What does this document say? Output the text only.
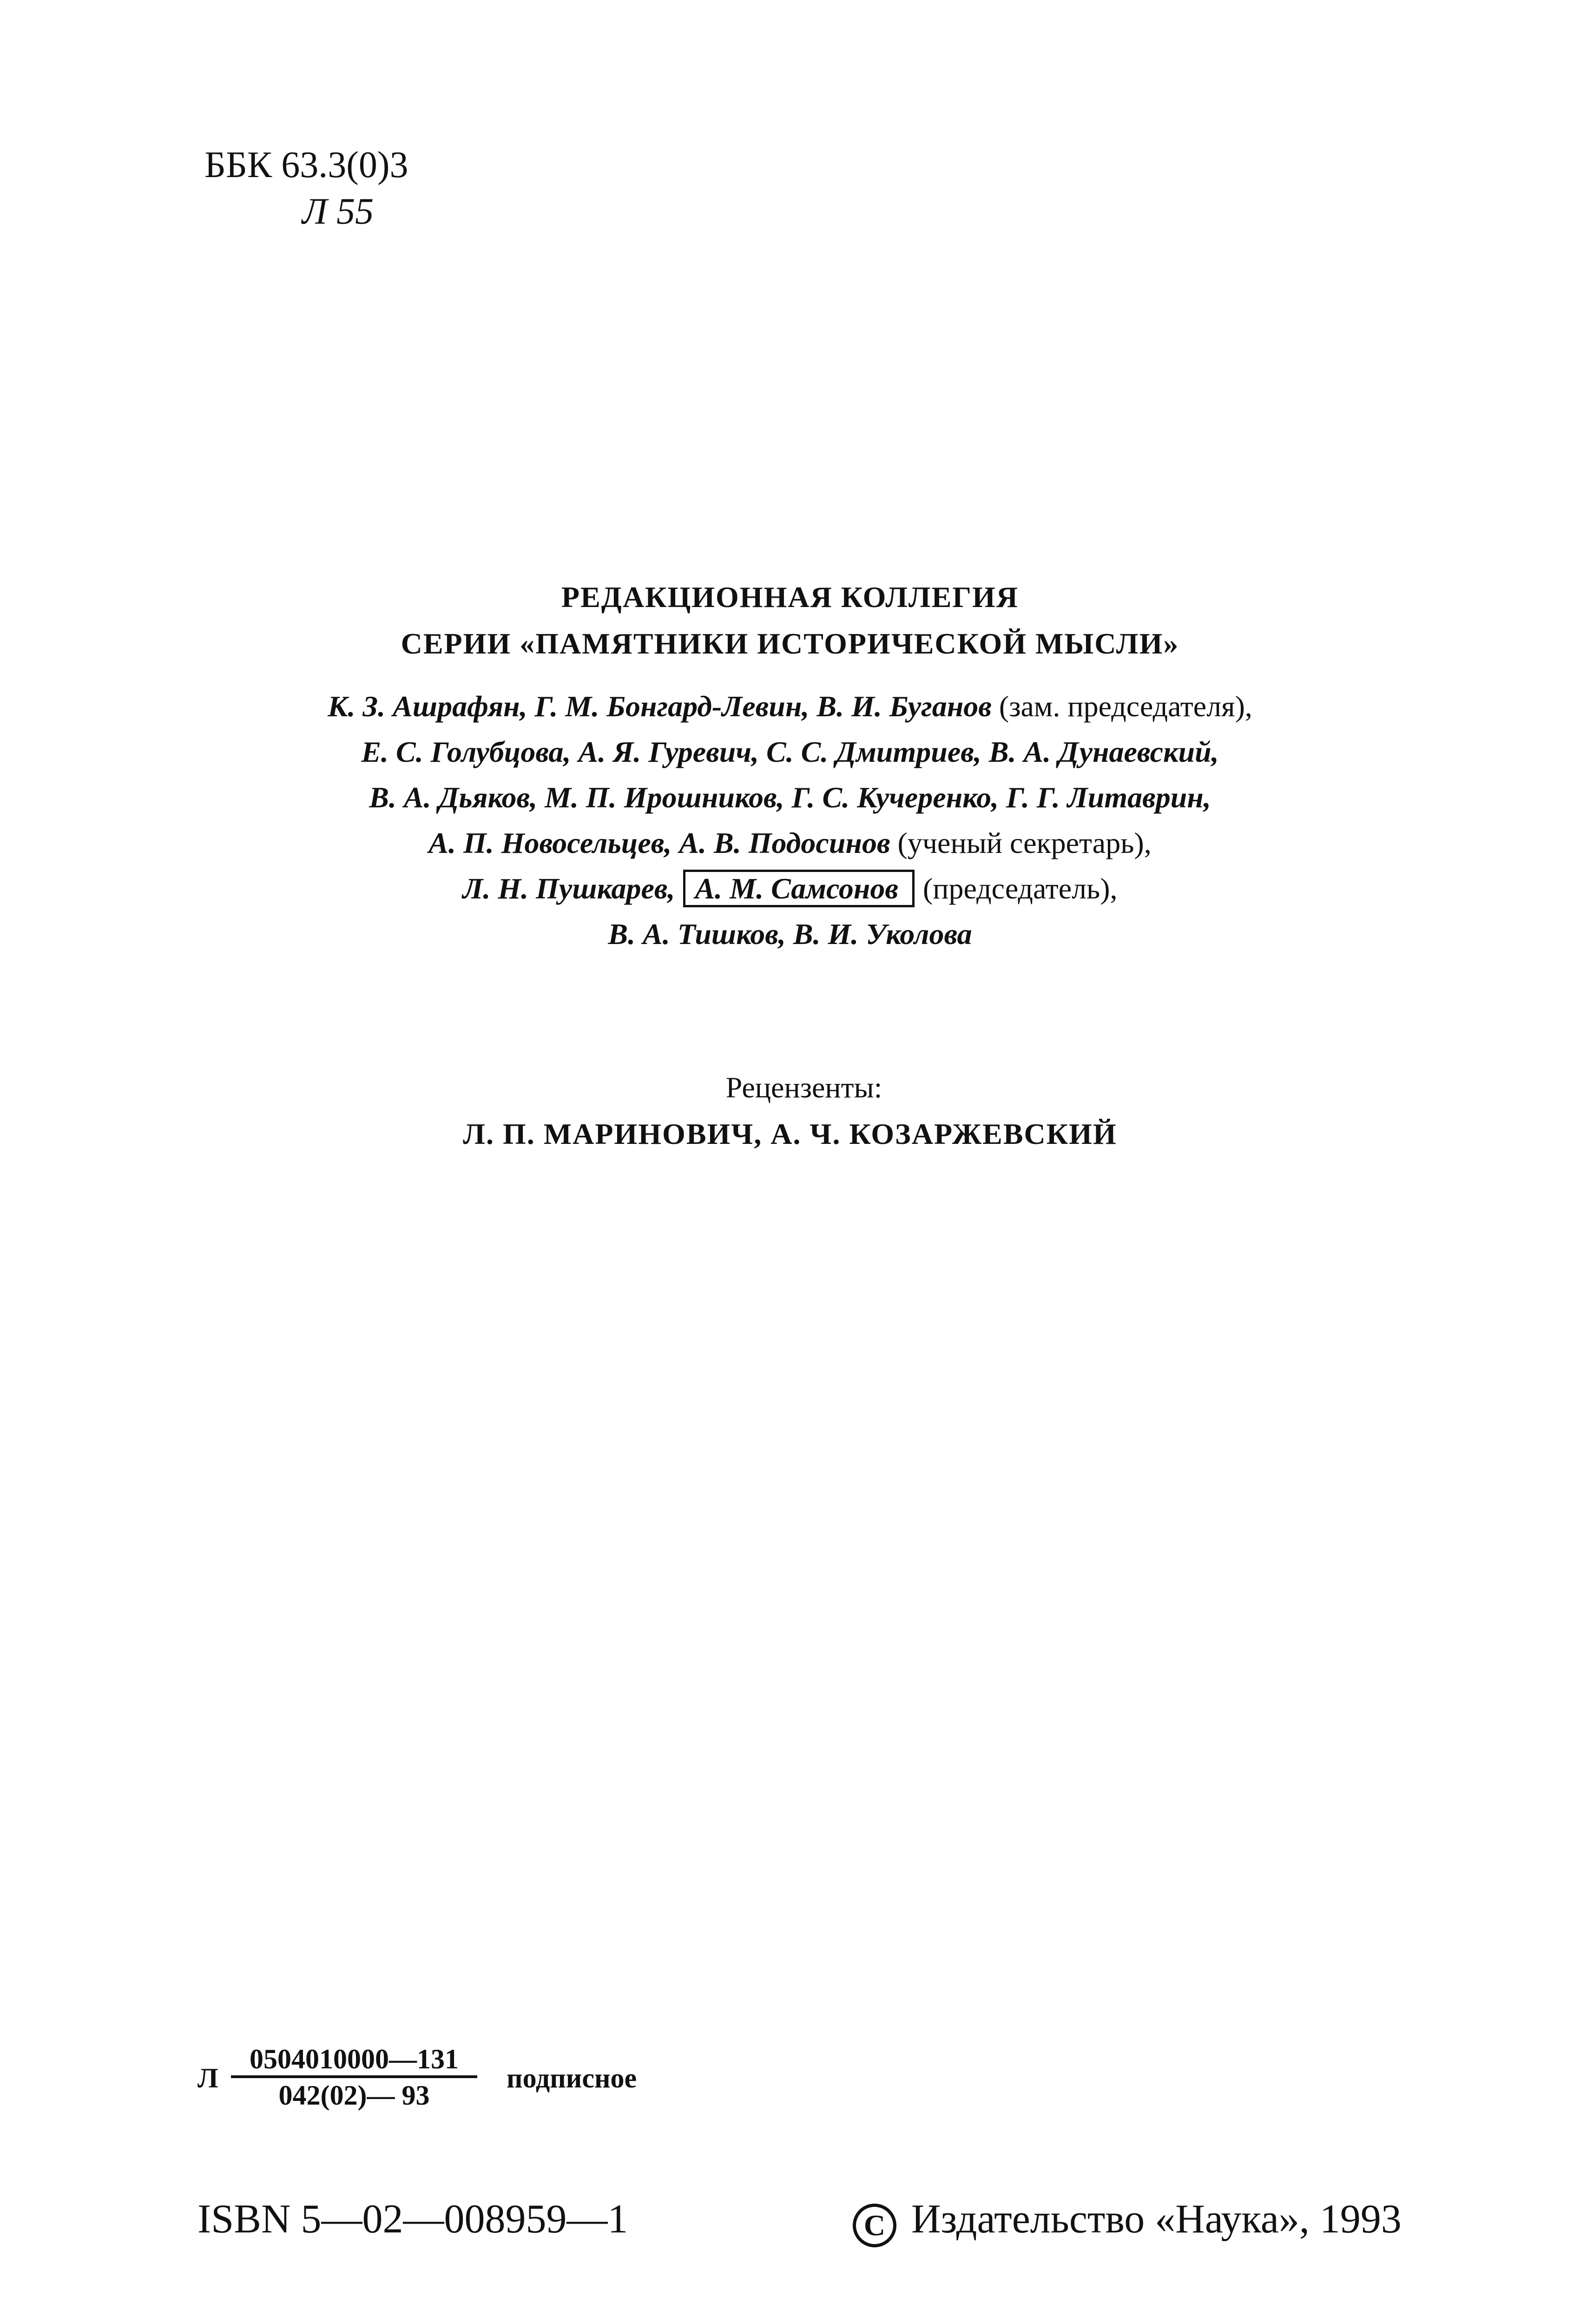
ББК 63.3(0)3
Л 55
РЕДАКЦИОННАЯ КОЛЛЕГИЯ
СЕРИИ «ПАМЯТНИКИ ИСТОРИЧЕСКОЙ МЫСЛИ»
К. З. Ашрафян, Г. М. Бонгард-Левин, В. И. Буганов (зам. председателя),
Е. С. Голубцова, А. Я. Гуревич, С. С. Дмитриев, В. А. Дунаевский,
В. А. Дьяков, М. П. Ирошников, Г. С. Кучеренко, Г. Г. Литаврин,
А. П. Новосельцев, А. В. Подосинов (ученый секретарь),
Л. Н. Пушкарев, А. М. Самсонов (председатель),
В. А. Тишков, В. И. Уколова
Рецензенты:
Л. П. МАРИНОВИЧ, А. Ч. КОЗАРЖЕВСКИЙ
Л $\frac{0504010000—131}{042(02)— 93}$ подписное
ISBN 5—02—008959—1	C Издательство «Наука», 1993
